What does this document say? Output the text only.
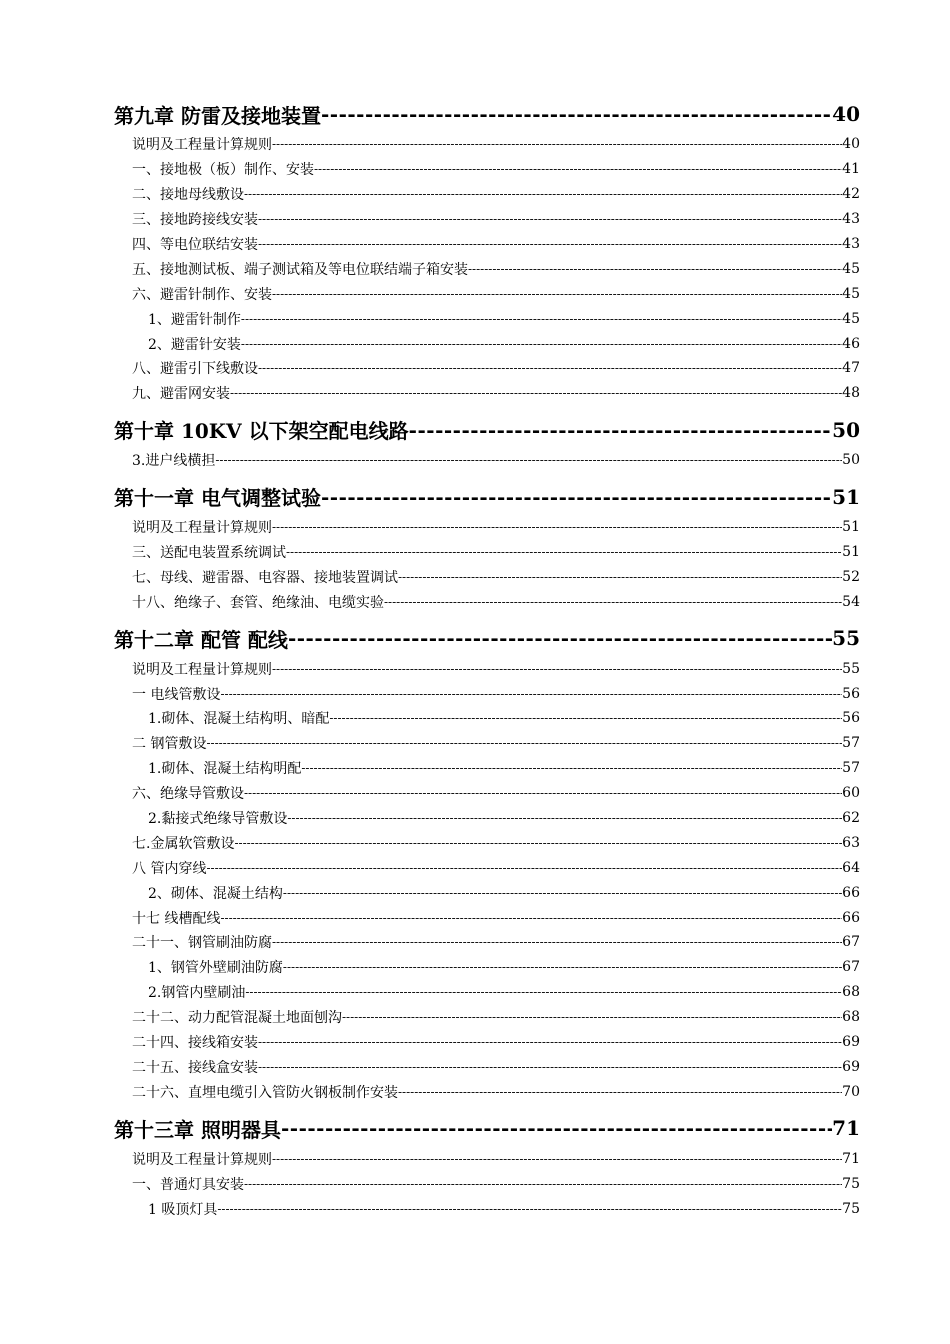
第九章 防雷及接地装置 -----	40
说明及工程量计算规则 -----	40
一、接地极（板）制作、安装 -----	41
二、接地母线敷设 -----	42
三、接地跨接线安装 -----	43
四、等电位联结安装 -----	43
五、接地测试板、端子测试箱及等电位联结端子箱安装 -----	45
六、避雷针制作、安装 -----	45
1、避雷针制作 -----	45
2、避雷针安装 -----	46
八、避雷引下线敷设 -----	47
九、避雷网安装 -----	48
第十章 10KV 以下架空配电线路 -----	50
3.进户线横担 -----	50
第十一章 电气调整试验 -----	51
说明及工程量计算规则 -----	51
三、送配电装置系统调试 -----	51
七、母线、避雷器、电容器、接地装置调试 -----	52
十八、绝缘子、套管、绝缘油、电缆实验 -----	54
第十二章 配管 配线 -----	55
说明及工程量计算规则 -----	55
一 电线管敷设 -----	56
1.砌体、混凝土结构明、暗配 -----	56
二 钢管敷设 -----	57
1.砌体、混凝土结构明配 -----	57
六、绝缘导管敷设 -----	60
2.黏接式绝缘导管敷设 -----	62
七.金属软管敷设 -----	63
八 管内穿线 -----	64
2、砌体、混凝土结构 -----	66
十七 线槽配线 -----	66
二十一、钢管刷油防腐 -----	67
1、钢管外壁刷油防腐 -----	67
2.钢管内壁刷油 -----	68
二十二、动力配管混凝土地面刨沟 -----	68
二十四、接线箱安装 -----	69
二十五、接线盒安装 -----	69
二十六、直埋电缆引入管防火钢板制作安装 -----	70
第十三章 照明器具 -----	71
说明及工程量计算规则 -----	71
一、普通灯具安装 -----	75
1 吸顶灯具 -----	75
